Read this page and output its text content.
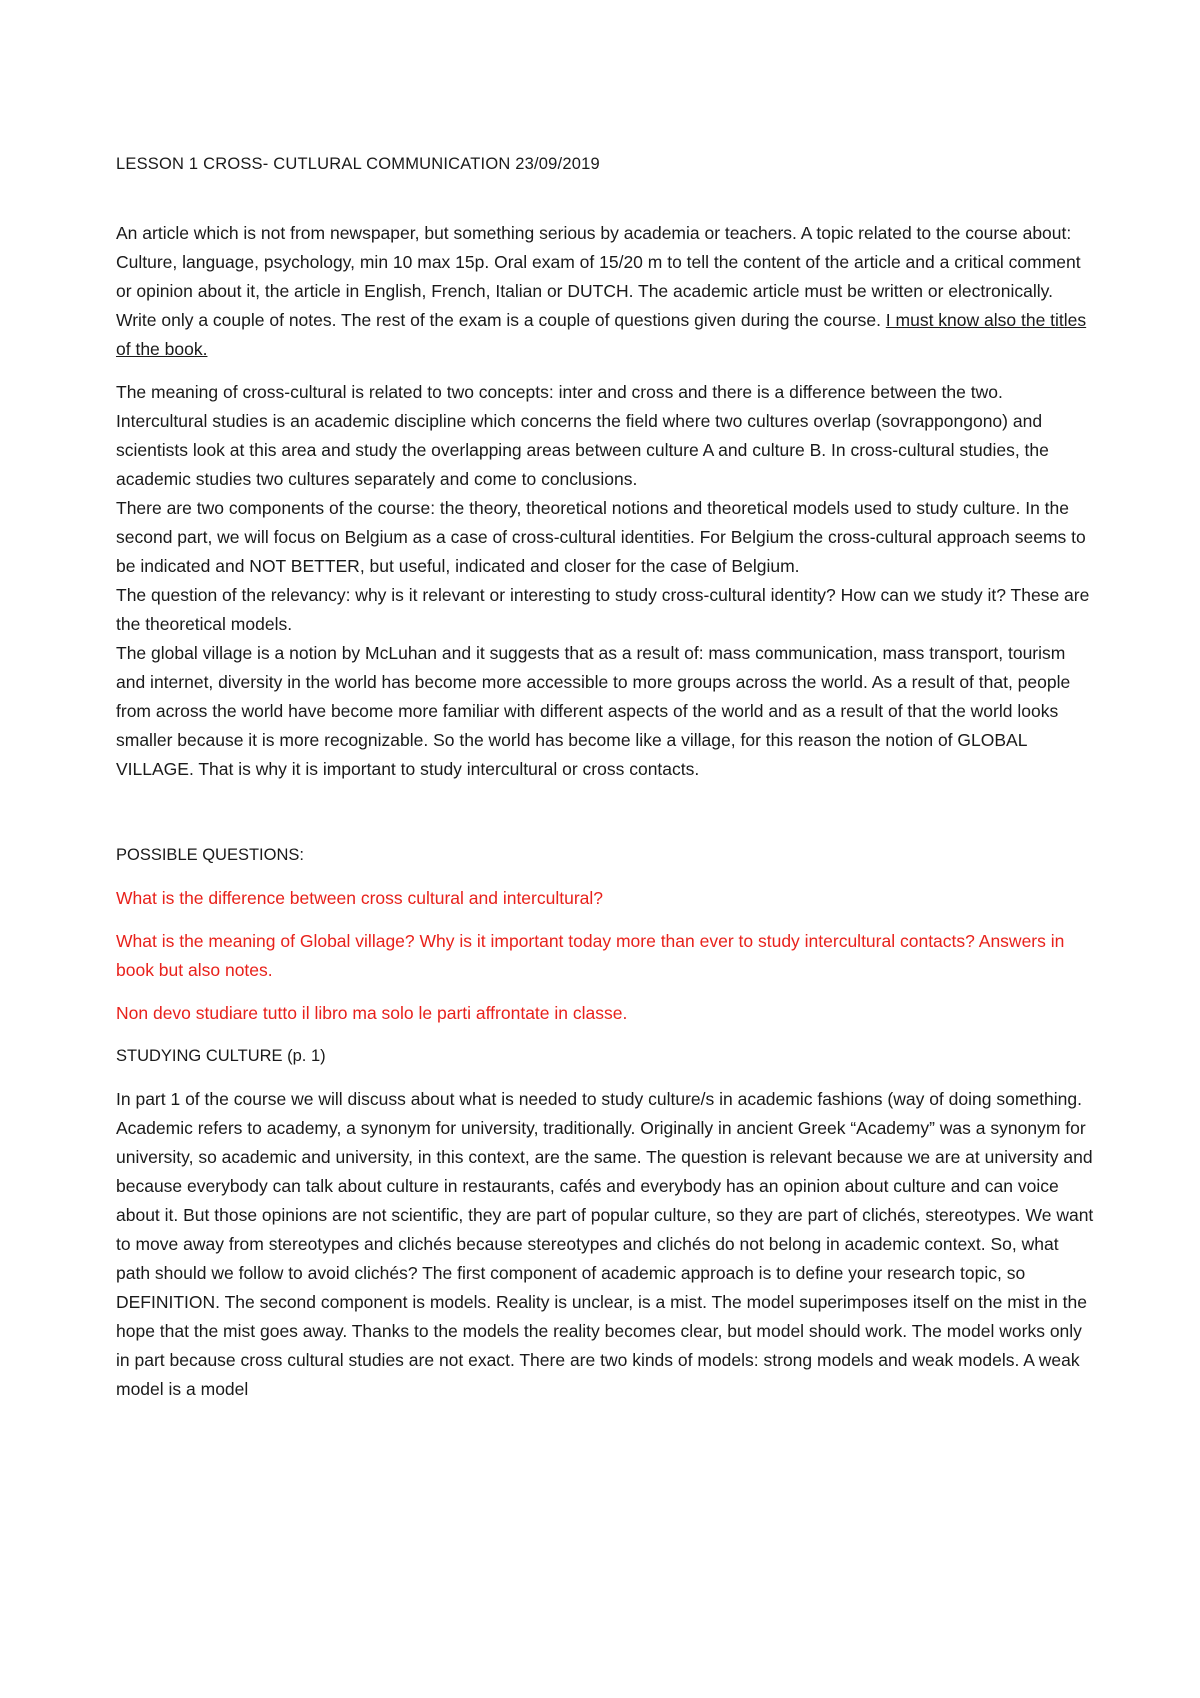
LESSON 1 CROSS- CUTLURAL COMMUNICATION 23/09/2019

An article which is not from newspaper, but something serious by academia or teachers. A topic related to the course about: Culture, language, psychology, min 10 max 15p. Oral exam of 15/20 m to tell the content of the article and a critical comment or opinion about it, the article in English, French, Italian or DUTCH. The academic article must be written or electronically. Write only a couple of notes. The rest of the exam is a couple of questions given during the course. I must know also the titles of the book.

The meaning of cross-cultural is related to two concepts: inter and cross and there is a difference between the two. Intercultural studies is an academic discipline which concerns the field where two cultures overlap (sovrappongono) and scientists look at this area and study the overlapping areas between culture A and culture B. In cross-cultural studies, the academic studies two cultures separately and come to conclusions.

There are two components of the course: the theory, theoretical notions and theoretical models used to study culture. In the second part, we will focus on Belgium as a case of cross-cultural identities. For Belgium the cross-cultural approach seems to be indicated and NOT BETTER, but useful, indicated and closer for the case of Belgium.

The question of the relevancy: why is it relevant or interesting to study cross-cultural identity? How can we study it? These are the theoretical models.

The global village is a notion by McLuhan and it suggests that as a result of: mass communication, mass transport, tourism and internet, diversity in the world has become more accessible to more groups across the world. As a result of that, people from across the world have become more familiar with different aspects of the world and as a result of that the world looks smaller because it is more recognizable. So the world has become like a village, for this reason the notion of GLOBAL VILLAGE. That is why it is important to study intercultural or cross contacts.

POSSIBLE QUESTIONS:

What is the difference between cross cultural and intercultural?

What is the meaning of Global village? Why is it important today more than ever to study intercultural contacts? Answers in book but also notes.

Non devo studiare tutto il libro ma solo le parti affrontate in classe.

STUDYING CULTURE (p. 1)

In part 1 of the course we will discuss about what is needed to study culture/s in academic fashions (way of doing something. Academic refers to academy, a synonym for university, traditionally. Originally in ancient Greek “Academy” was a synonym for university, so academic and university, in this context, are the same. The question is relevant because we are at university and because everybody can talk about culture in restaurants, cafés and everybody has an opinion about culture and can voice about it. But those opinions are not scientific, they are part of popular culture, so they are part of clichés, stereotypes. We want to move away from stereotypes and clichés because stereotypes and clichés do not belong in academic context. So, what path should we follow to avoid clichés? The first component of academic approach is to define your research topic, so DEFINITION. The second component is models. Reality is unclear, is a mist. The model superimposes itself on the mist in the hope that the mist goes away. Thanks to the models the reality becomes clear, but model should work. The model works only in part because cross cultural studies are not exact. There are two kinds of models: strong models and weak models. A weak model is a model
